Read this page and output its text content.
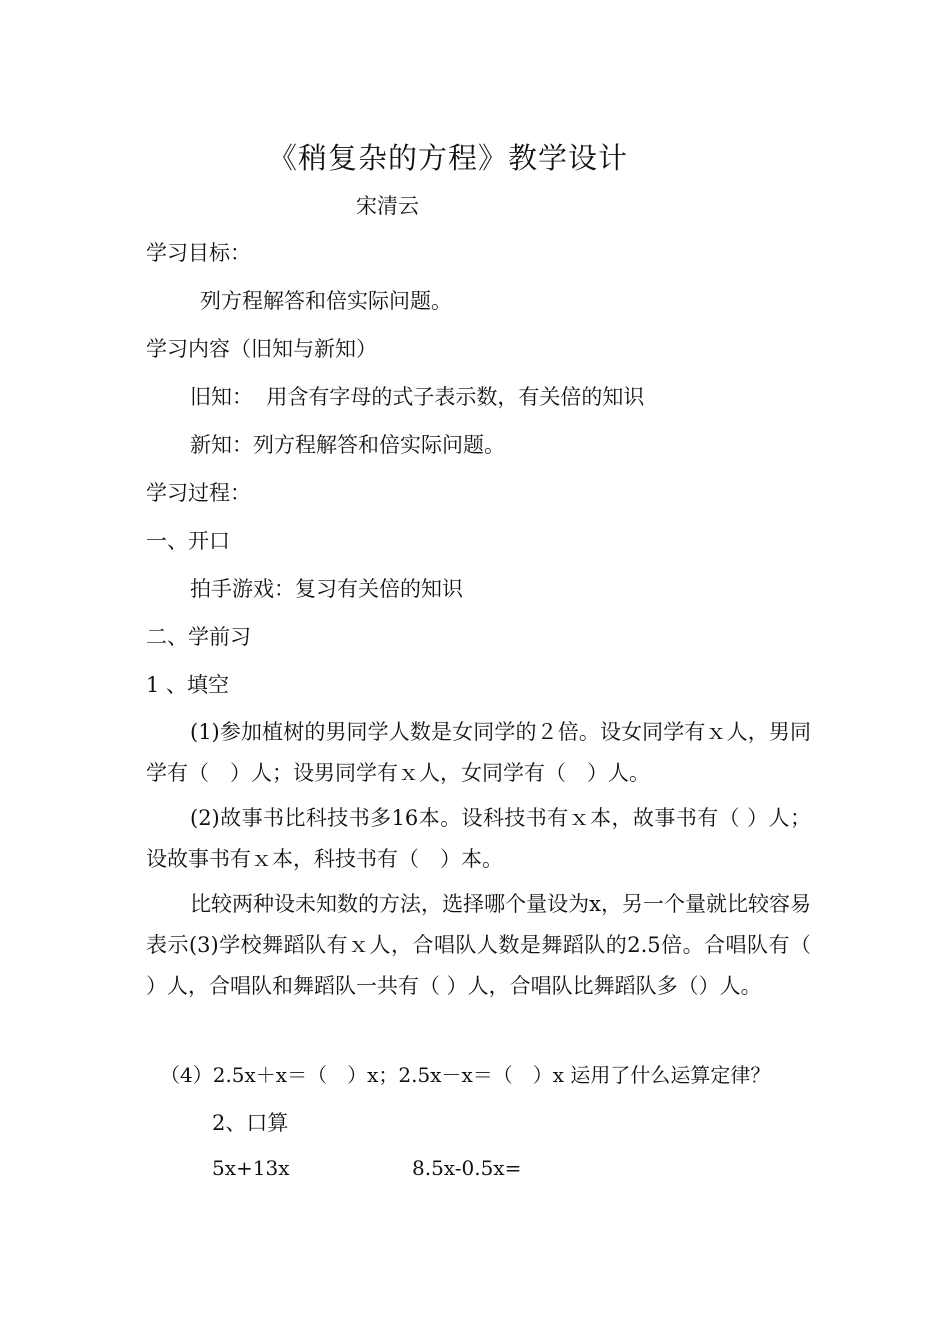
《稍复杂的方程》教学设计
宋清云
学习目标：
列方程解答和倍实际问题。
学习内容（旧知与新知）
旧知：  用含有字母的式子表示数，有关倍的知识
新知：列方程解答和倍实际问题。
学习过程：
一、开口
拍手游戏：复习有关倍的知识
二、学前习
1 、填空
(1)参加植树的男同学人数是女同学的２倍。设女同学有ｘ人，男同学有（　）人；设男同学有ｘ人，女同学有（　）人。
(2)故事书比科技书多16本。设科技书有ｘ本，故事书有（ ）人；设故事书有ｘ本，科技书有（　）本。
比较两种设未知数的方法，选择哪个量设为x，另一个量就比较容易表示(3)学校舞蹈队有ｘ人，合唱队人数是舞蹈队的2.5倍。合唱队有（ ）人，合唱队和舞蹈队一共有（ ）人，合唱队比舞蹈队多（）人。
（4）2.5x＋x＝（　）x；2.5x－x＝（　）x 运用了什么运算定律？
2、口算
5x+13x	8.5x-0.5x=
